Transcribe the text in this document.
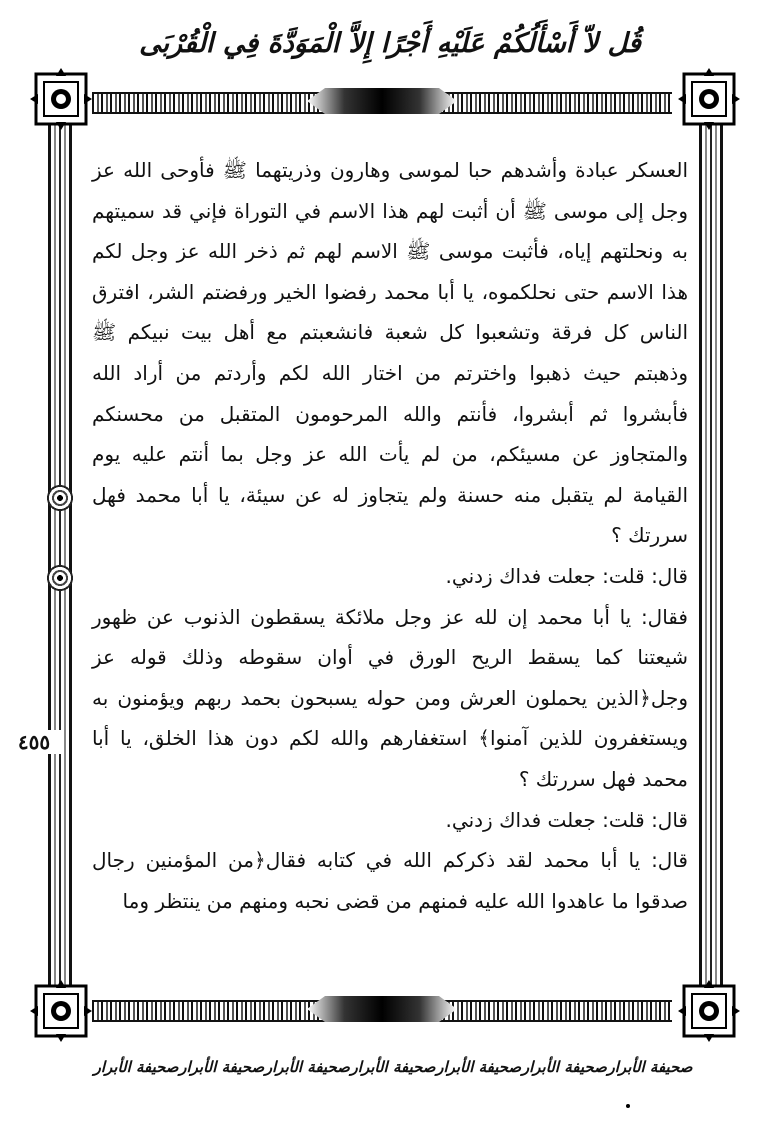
قُل لاّ أَسْأَلُكُمْ عَلَيْهِ أَجْرًا إِلاَّ الْمَوَدَّةَ فِي الْقُرْبَى
٤٥٥

العسكر عبادة وأشدهم حبا لموسى وهارون وذريتهما ﷺ فأوحى الله عز وجل إلى موسى ﷺ أن أثبت لهم هذا الاسم في التوراة فإني قد سميتهم به ونحلتهم إياه، فأثبت موسى ﷺ الاسم لهم ثم ذخر الله عز وجل لكم هذا الاسم حتى نحلكموه، يا أبا محمد رفضوا الخير ورفضتم الشر، افترق الناس كل فرقة وتشعبوا كل شعبة فانشعبتم مع أهل بيت نبيكم ﷺ وذهبتم حيث ذهبوا واخترتم من اختار الله لكم وأردتم من أراد الله فأبشروا ثم أبشروا، فأنتم والله المرحومون المتقبل من محسنكم والمتجاوز عن مسيئكم، من لم يأت الله عز وجل بما أنتم عليه يوم القيامة لم يتقبل منه حسنة ولم يتجاوز له عن سيئة، يا أبا محمد فهل سررتك ؟

قال: قلت: جعلت فداك زدني.

فقال: يا أبا محمد إن لله عز وجل ملائكة يسقطون الذنوب عن ظهور شيعتنا كما يسقط الريح الورق في أوان سقوطه وذلك قوله عز وجل﴿الذين يحملون العرش ومن حوله يسبحون بحمد ربهم ويؤمنون به ويستغفرون للذين آمنوا﴾ استغفارهم والله لكم دون هذا الخلق، يا أبا محمد فهل سررتك ؟

قال: قلت: جعلت فداك زدني.

قال: يا أبا محمد لقد ذكركم الله في كتابه فقال﴿من المؤمنين رجال صدقوا ما عاهدوا الله عليه فمنهم من قضى نحبه ومنهم من ينتظر وما

صحيفة الأبرار
صحيفة الأبرار
صحيفة الأبرار
صحيفة الأبرار
صحيفة الأبرار
صحيفة الأبرار
صحيفة الأبرار
